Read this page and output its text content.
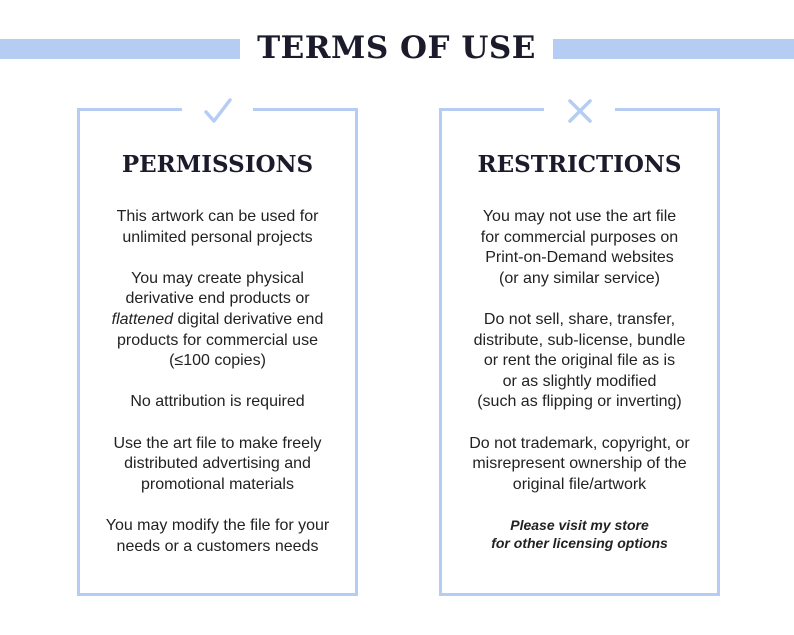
TERMS OF USE
PERMISSIONS

This artwork can be used for
unlimited personal projects

You may create physical
derivative end products or
flattened digital derivative end
products for commercial use
(≤100 copies)

No attribution is required

Use the art file to make freely
distributed advertising and
promotional materials

You may modify the file for your
needs or a customers needs

RESTRICTIONS

You may not use the art file
for commercial purposes on
Print-on-Demand websites
(or any similar service)

Do not sell, share, transfer,
distribute, sub-license, bundle
or rent the original file as is
or as slightly modified
(such as flipping or inverting)

Do not trademark, copyright, or
misrepresent ownership of the
original file/artwork

Please visit my store
for other licensing options
